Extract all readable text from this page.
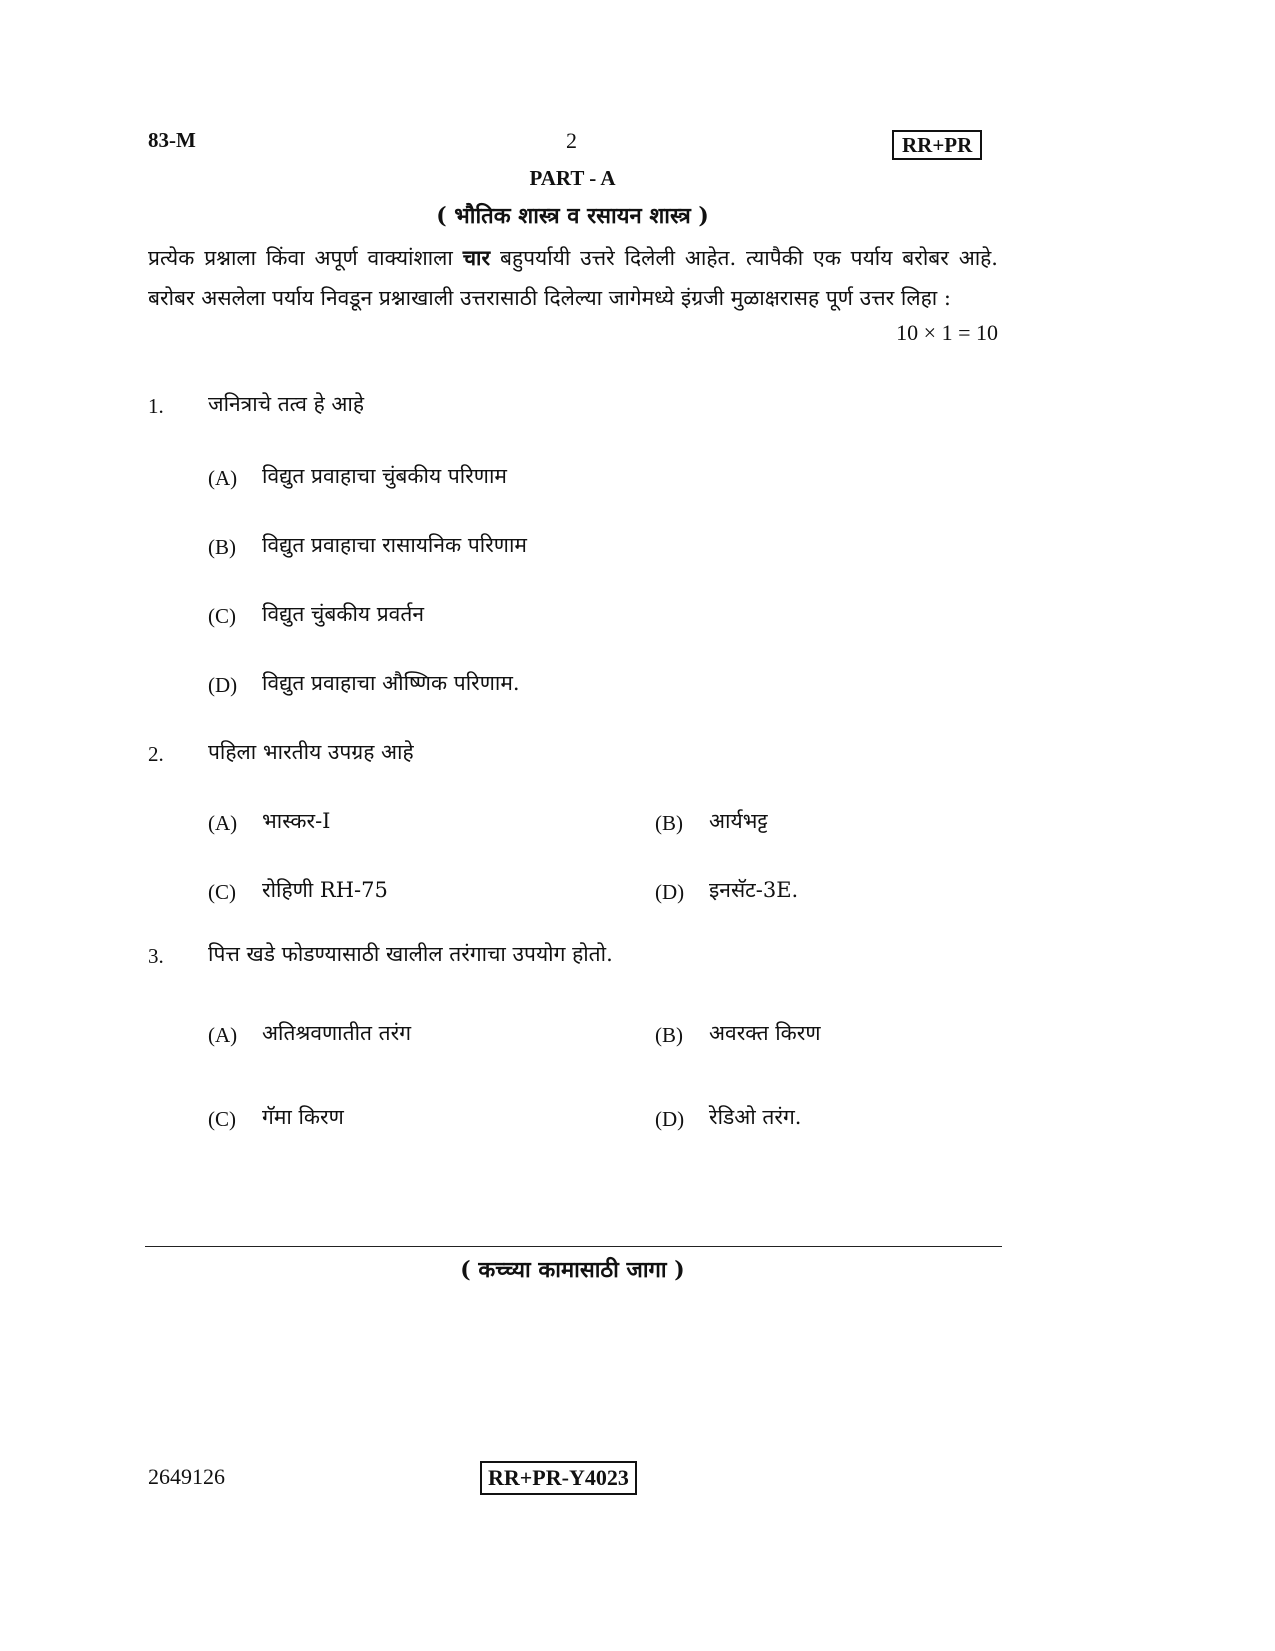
83-M	2	RR+PR
PART - A
( भौतिक शास्त्र व रसायन शास्त्र )
प्रत्येक प्रश्नाला किंवा अपूर्ण वाक्यांशाला चार बहुपर्यायी उत्तरे दिलेली आहेत. त्यापैकी एक पर्याय बरोबर आहे. बरोबर असलेला पर्याय निवडून प्रश्नाखाली उत्तरासाठी दिलेल्या जागेमध्ये इंग्रजी मुळाक्षरासह पूर्ण उत्तर लिहा :
10 × 1 = 10
1. जनित्राचे तत्व हे आहे
(A) विद्युत प्रवाहाचा चुंबकीय परिणाम
(B) विद्युत प्रवाहाचा रासायनिक परिणाम
(C) विद्युत चुंबकीय प्रवर्तन
(D) विद्युत प्रवाहाचा औष्णिक परिणाम.
2. पहिला भारतीय उपग्रह आहे
(A) भास्कर-I	(B) आर्यभट्ट
(C) रोहिणी RH-75	(D) इनसॅट-3E.
3. पित्त खडे फोडण्यासाठी खालील तरंगाचा उपयोग होतो.
(A) अतिश्रवणातीत तरंग	(B) अवरक्त किरण
(C) गॅमा किरण	(D) रेडिओ तरंग.
( कच्च्या कामासाठी जागा )
2649126	RR+PR-Y4023
